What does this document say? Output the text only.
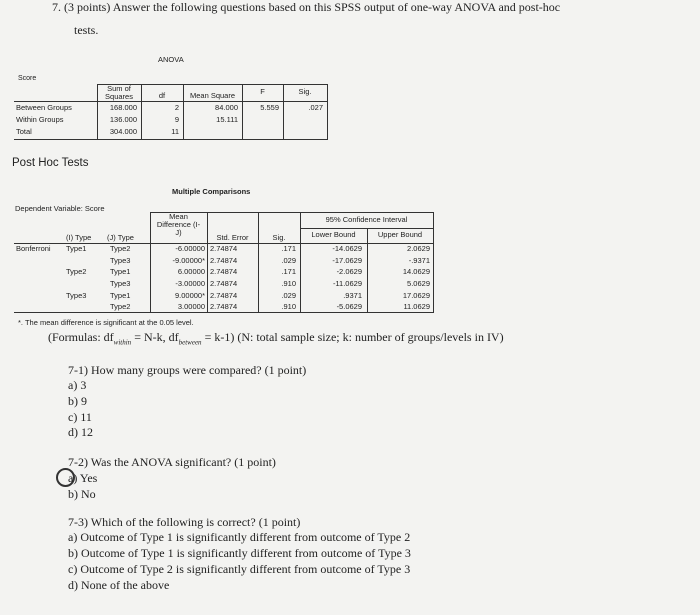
7. (3 points) Answer the following questions based on this SPSS output of one-way ANOVA and post-hoc
tests.
ANOVA
Score
Sum of
Squares	df	Mean Square	F	Sig.
Between Groups	168.000	2	84.000	5.559	.027
Within Groups	136.000	9	15.111
Total	304.000	11
Post Hoc Tests
Multiple Comparisons
Dependent Variable: Score
95% Confidence Interval
Mean
Difference (I-
J)
(I) Type (J) Type	Std. Error	Sig.	Lower Bound	Upper Bound
Bonferroni Type1	Type2	-6.00000 2.74874	.171	-14.0629	2.0629
Type3	-9.00000* 2.74874	.029	-17.0629	-.9371
Type2	Type1	6.00000 2.74874	.171	-2.0629	14.0629
Type3	-3.00000 2.74874	.910	-11.0629	5.0629
Type3	Type1	9.00000* 2.74874	.029	.9371	17.0629
Type2	3.00000 2.74874	.910	-5.0629	11.0629
*. The mean difference is significant at the 0.05 level.
(Formulas: $df_{within} = N-k$, $df_{between} = k-1$) (N: total sample size; k: number of groups/levels in IV)
7-1) How many groups were compared? (1 point)
a) 3
b) 9
c) 11
d) 12
7-2) Was the ANOVA significant? (1 point)
a) Yes
b) No
7-3) Which of the following is correct? (1 point)
a) Outcome of Type 1 is significantly different from outcome of Type 2
b) Outcome of Type 1 is significantly different from outcome of Type 3
c) Outcome of Type 2 is significantly different from outcome of Type 3
d) None of the above
